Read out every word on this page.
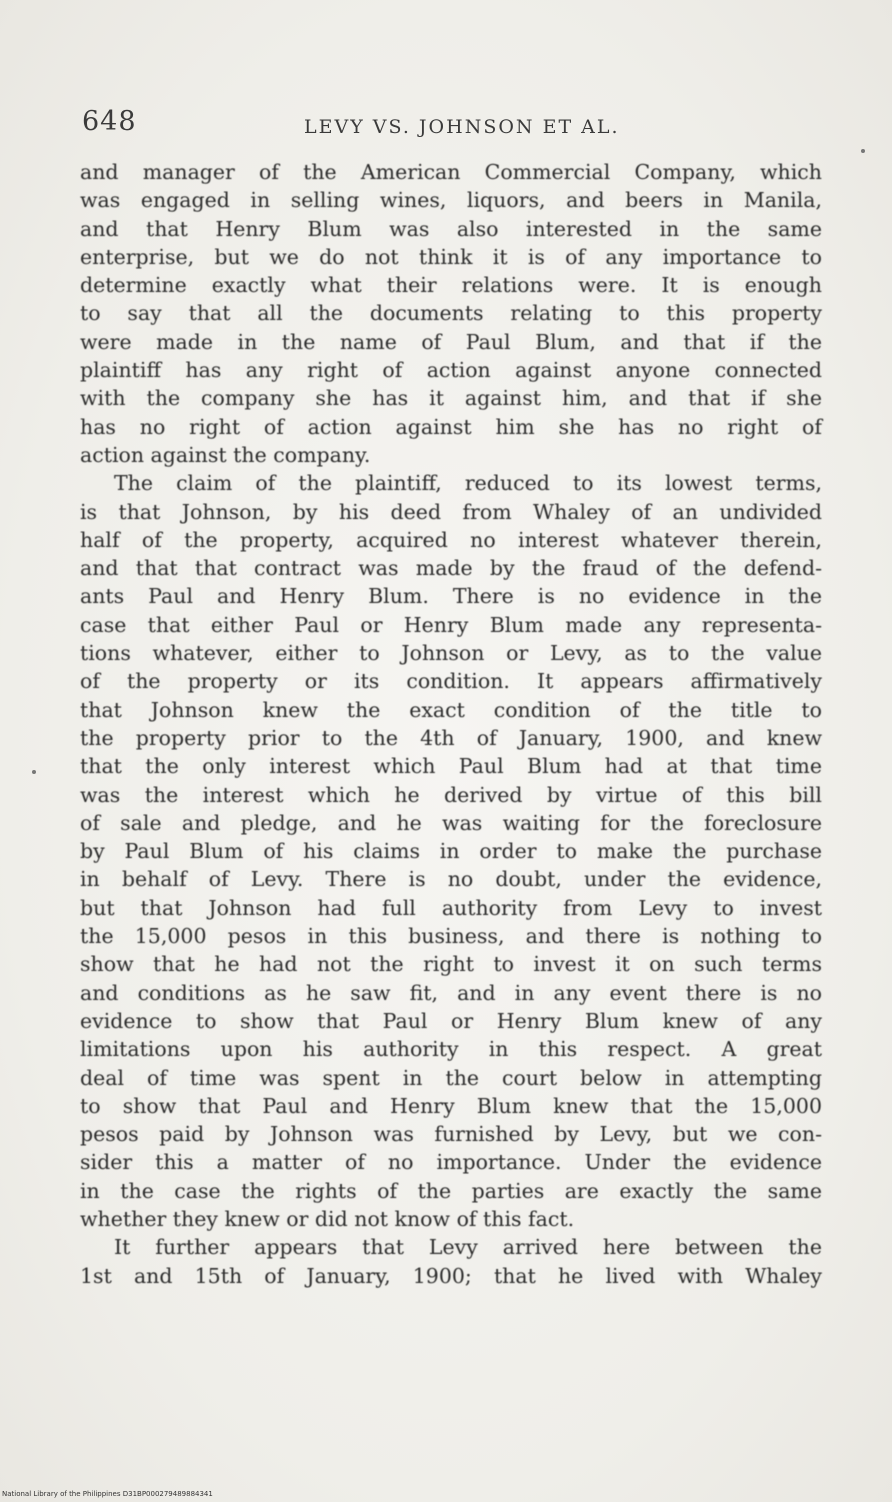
648	LEVY VS. JOHNSON ET AL.
and manager of the American Commercial Company, which
was engaged in selling wines, liquors, and beers in Manila,
and that Henry Blum was also interested in the same
enterprise, but we do not think it is of any importance to
determine exactly what their relations were. It is enough
to say that all the documents relating to this property
were made in the name of Paul Blum, and that if the
plaintiff has any right of action against anyone connected
with the company she has it against him, and that if she
has no right of action against him she has no right of
action against the company.
The claim of the plaintiff, reduced to its lowest terms,
is that Johnson, by his deed from Whaley of an undivided
half of the property, acquired no interest whatever therein,
and that that contract was made by the fraud of the defend-
ants Paul and Henry Blum. There is no evidence in the
case that either Paul or Henry Blum made any representa-
tions whatever, either to Johnson or Levy, as to the value
of the property or its condition. It appears affirmatively
that Johnson knew the exact condition of the title to
the property prior to the 4th of January, 1900, and knew
that the only interest which Paul Blum had at that time
was the interest which he derived by virtue of this bill
of sale and pledge, and he was waiting for the foreclosure
by Paul Blum of his claims in order to make the purchase
in behalf of Levy. There is no doubt, under the evidence,
but that Johnson had full authority from Levy to invest
the 15,000 pesos in this business, and there is nothing to
show that he had not the right to invest it on such terms
and conditions as he saw fit, and in any event there is no
evidence to show that Paul or Henry Blum knew of any
limitations upon his authority in this respect. A great
deal of time was spent in the court below in attempting
to show that Paul and Henry Blum knew that the 15,000
pesos paid by Johnson was furnished by Levy, but we con-
sider this a matter of no importance. Under the evidence
in the case the rights of the parties are exactly the same
whether they knew or did not know of this fact.
It further appears that Levy arrived here between the
1st and 15th of January, 1900; that he lived with Whaley
National Library of the Philippines D31BP000279489884341
